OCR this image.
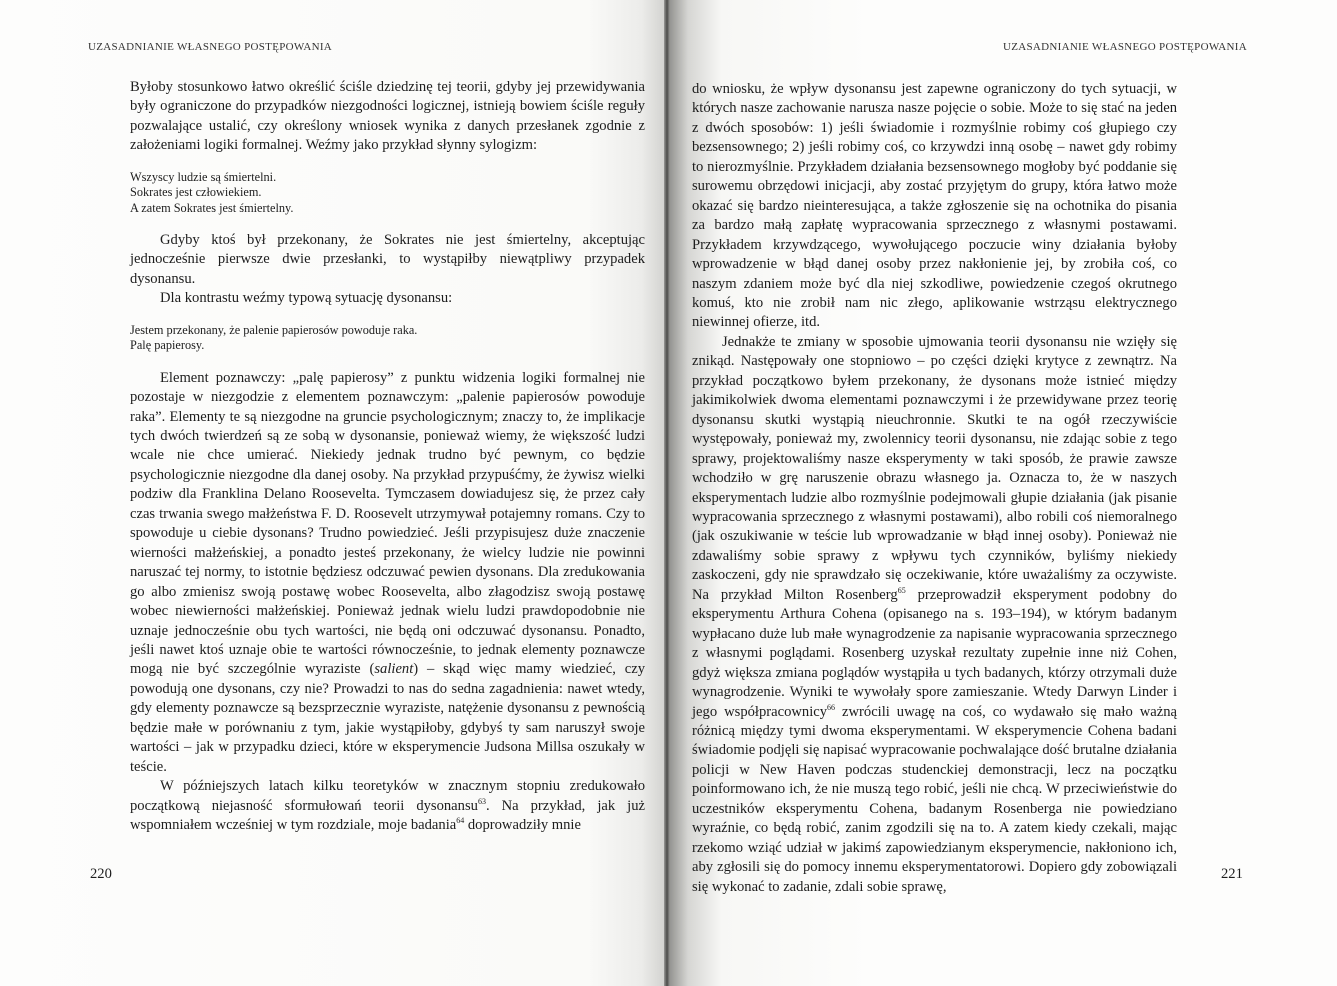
UZASADNIANIE WŁASNEGO POSTĘPOWANIA

Byłoby stosunkowo łatwo określić ściśle dziedzinę tej teorii, gdyby jej przewidywania były ograniczone do przypadków niezgodności logicznej, istnieją bowiem ściśle reguły pozwalające ustalić, czy określony wniosek wynika z danych przesłanek zgodnie z założeniami logiki formalnej. Weźmy jako przykład słynny sylogizm:

Wszyscy ludzie są śmiertelni.
Sokrates jest człowiekiem.
A zatem Sokrates jest śmiertelny.

Gdyby ktoś był przekonany, że Sokrates nie jest śmiertelny, akceptując jednocześnie pierwsze dwie przesłanki, to wystąpiłby niewątpliwy przypadek dysonansu.

Dla kontrastu weźmy typową sytuację dysonansu:

Jestem przekonany, że palenie papierosów powoduje raka.
Palę papierosy.

Element poznawczy: „palę papierosy” z punktu widzenia logiki formalnej nie pozostaje w niezgodzie z elementem poznawczym: „palenie papierosów powoduje raka”. Elementy te są niezgodne na gruncie psychologicznym; znaczy to, że implikacje tych dwóch twierdzeń są ze sobą w dysonansie, ponieważ wiemy, że większość ludzi wcale nie chce umierać. Niekiedy jednak trudno być pewnym, co będzie psychologicznie niezgodne dla danej osoby. Na przykład przypuśćmy, że żywisz wielki podziw dla Franklina Delano Roosevelta. Tymczasem dowiadujesz się, że przez cały czas trwania swego małżeństwa F. D. Roosevelt utrzymywał potajemny romans. Czy to spowoduje u ciebie dysonans? Trudno powiedzieć. Jeśli przypisujesz duże znaczenie wierności małżeńskiej, a ponadto jesteś przekonany, że wielcy ludzie nie powinni naruszać tej normy, to istotnie będziesz odczuwać pewien dysonans. Dla zredukowania go albo zmienisz swoją postawę wobec Roosevelta, albo złagodzisz swoją postawę wobec niewierności małżeńskiej. Ponieważ jednak wielu ludzi prawdopodobnie nie uznaje jednocześnie obu tych wartości, nie będą oni odczuwać dysonansu. Ponadto, jeśli nawet ktoś uznaje obie te wartości równocześnie, to jednak elementy poznawcze mogą nie być szczególnie wyraziste (salient) – skąd więc mamy wiedzieć, czy powodują one dysonans, czy nie? Prowadzi to nas do sedna zagadnienia: nawet wtedy, gdy elementy poznawcze są bezsprzecznie wyraziste, natężenie dysonansu z pewnością będzie małe w porównaniu z tym, jakie wystąpiłoby, gdybyś ty sam naruszył swoje wartości – jak w przypadku dzieci, które w eksperymencie Judsona Millsa oszukały w teście.

W późniejszych latach kilku teoretyków w znacznym stopniu zredukowało początkową niejasność sformułowań teorii dysonansu$^{63}$. Na przykład, jak już wspomniałem wcześniej w tym rozdziale, moje badania$^{64}$ doprowadziły mnie

220
UZASADNIANIE WŁASNEGO POSTĘPOWANIA

do wniosku, że wpływ dysonansu jest zapewne ograniczony do tych sytuacji, w których nasze zachowanie narusza nasze pojęcie o sobie. Może to się stać na jeden z dwóch sposobów: 1) jeśli świadomie i rozmyślnie robimy coś głupiego czy bezsensownego; 2) jeśli robimy coś, co krzywdzi inną osobę – nawet gdy robimy to nierozmyślnie. Przykładem działania bezsensownego mogłoby być poddanie się surowemu obrzędowi inicjacji, aby zostać przyjętym do grupy, która łatwo może okazać się bardzo nieinteresująca, a także zgłoszenie się na ochotnika do pisania za bardzo małą zapłatę wypracowania sprzecznego z własnymi postawami. Przykładem krzywdzącego, wywołującego poczucie winy działania byłoby wprowadzenie w błąd danej osoby przez nakłonienie jej, by zrobiła coś, co naszym zdaniem może być dla niej szkodliwe, powiedzenie czegoś okrutnego komuś, kto nie zrobił nam nic złego, aplikowanie wstrząsu elektrycznego niewinnej ofierze, itd.

Jednakże te zmiany w sposobie ujmowania teorii dysonansu nie wzięły się znikąd. Następowały one stopniowo – po części dzięki krytyce z zewnątrz. Na przykład początkowo byłem przekonany, że dysonans może istnieć między jakimikolwiek dwoma elementami poznawczymi i że przewidywane przez teorię dysonansu skutki wystąpią nieuchronnie. Skutki te na ogół rzeczywiście występowały, ponieważ my, zwolennicy teorii dysonansu, nie zdając sobie z tego sprawy, projektowaliśmy nasze eksperymenty w taki sposób, że prawie zawsze wchodziło w grę naruszenie obrazu własnego ja. Oznacza to, że w naszych eksperymentach ludzie albo rozmyślnie podejmowali głupie działania (jak pisanie wypracowania sprzecznego z własnymi postawami), albo robili coś niemoralnego (jak oszukiwanie w teście lub wprowadzanie w błąd innej osoby). Ponieważ nie zdawaliśmy sobie sprawy z wpływu tych czynników, byliśmy niekiedy zaskoczeni, gdy nie sprawdzało się oczekiwanie, które uważaliśmy za oczywiste. Na przykład Milton Rosenberg$^{65}$ przeprowadził eksperyment podobny do eksperymentu Arthura Cohena (opisanego na s. 193–194), w którym badanym wypłacano duże lub małe wynagrodzenie za napisanie wypracowania sprzecznego z własnymi poglądami. Rosenberg uzyskał rezultaty zupełnie inne niż Cohen, gdyż większa zmiana poglądów wystąpiła u tych badanych, którzy otrzymali duże wynagrodzenie. Wyniki te wywołały spore zamieszanie. Wtedy Darwyn Linder i jego współpracownicy$^{66}$ zwrócili uwagę na coś, co wydawało się mało ważną różnicą między tymi dwoma eksperymentami. W eksperymencie Cohena badani świadomie podjęli się napisać wypracowanie pochwalające dość brutalne działania policji w New Haven podczas studenckiej demonstracji, lecz na początku poinformowano ich, że nie muszą tego robić, jeśli nie chcą. W przeciwieństwie do uczestników eksperymentu Cohena, badanym Rosenberga nie powiedziano wyraźnie, co będą robić, zanim zgodzili się na to. A zatem kiedy czekali, mając rzekomo wziąć udział w jakimś zapowiedzianym eksperymencie, nakłoniono ich, aby zgłosili się do pomocy innemu eksperymentatorowi. Dopiero gdy zobowiązali się wykonać to zadanie, zdali sobie sprawę,

221
